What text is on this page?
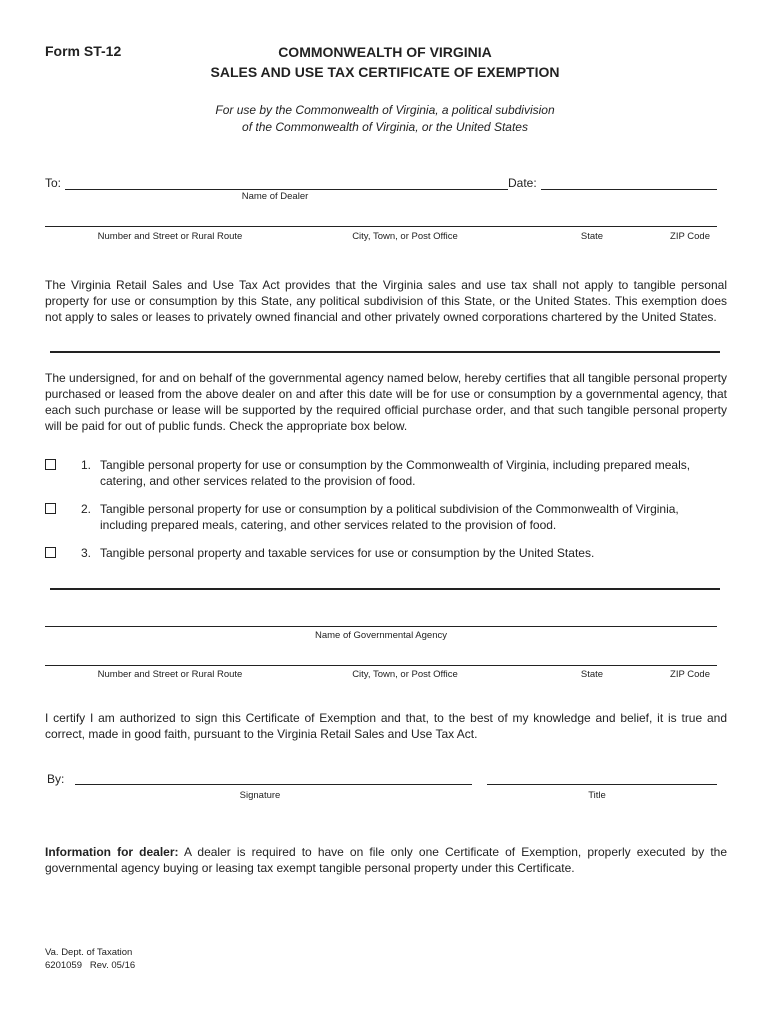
Form ST-12	COMMONWEALTH OF VIRGINIA
SALES AND USE TAX CERTIFICATE OF EXEMPTION
For use by the Commonwealth of Virginia, a political subdivision
of the Commonwealth of Virginia, or the United States
To:	Date:
Name of Dealer
Number and Street or Rural Route	City, Town, or Post Office	State	ZIP Code
The Virginia Retail Sales and Use Tax Act provides that the Virginia sales and use tax shall not apply to tangible personal property for use or consumption by this State, any political subdivision of this State, or the United States. This exemption does not apply to sales or leases to privately owned financial and other privately owned corporations chartered by the United States.
The undersigned, for and on behalf of the governmental agency named below, hereby certifies that all tangible personal property purchased or leased from the above dealer on and after this date will be for use or consumption by a governmental agency, that each such purchase or lease will be supported by the required official purchase order, and that such tangible personal property will be paid for out of public funds. Check the appropriate box below.
1. Tangible personal property for use or consumption by the Commonwealth of Virginia, including prepared meals,
catering, and other services related to the provision of food.
2. Tangible personal property for use or consumption by a political subdivision of the Commonwealth of Virginia,
including prepared meals, catering, and other services related to the provision of food.
3. Tangible personal property and taxable services for use or consumption by the United States.
Name of Governmental Agency
Number and Street or Rural Route	City, Town, or Post Office	State	ZIP Code
I certify I am authorized to sign this Certificate of Exemption and that, to the best of my knowledge and belief, it is true and correct, made in good faith, pursuant to the Virginia Retail Sales and Use Tax Act.
By:
Signature	Title
Information for dealer: A dealer is required to have on file only one Certificate of Exemption, properly executed by the governmental agency buying or leasing tax exempt tangible personal property under this Certificate.
Va. Dept. of Taxation
6201059   Rev. 05/16
